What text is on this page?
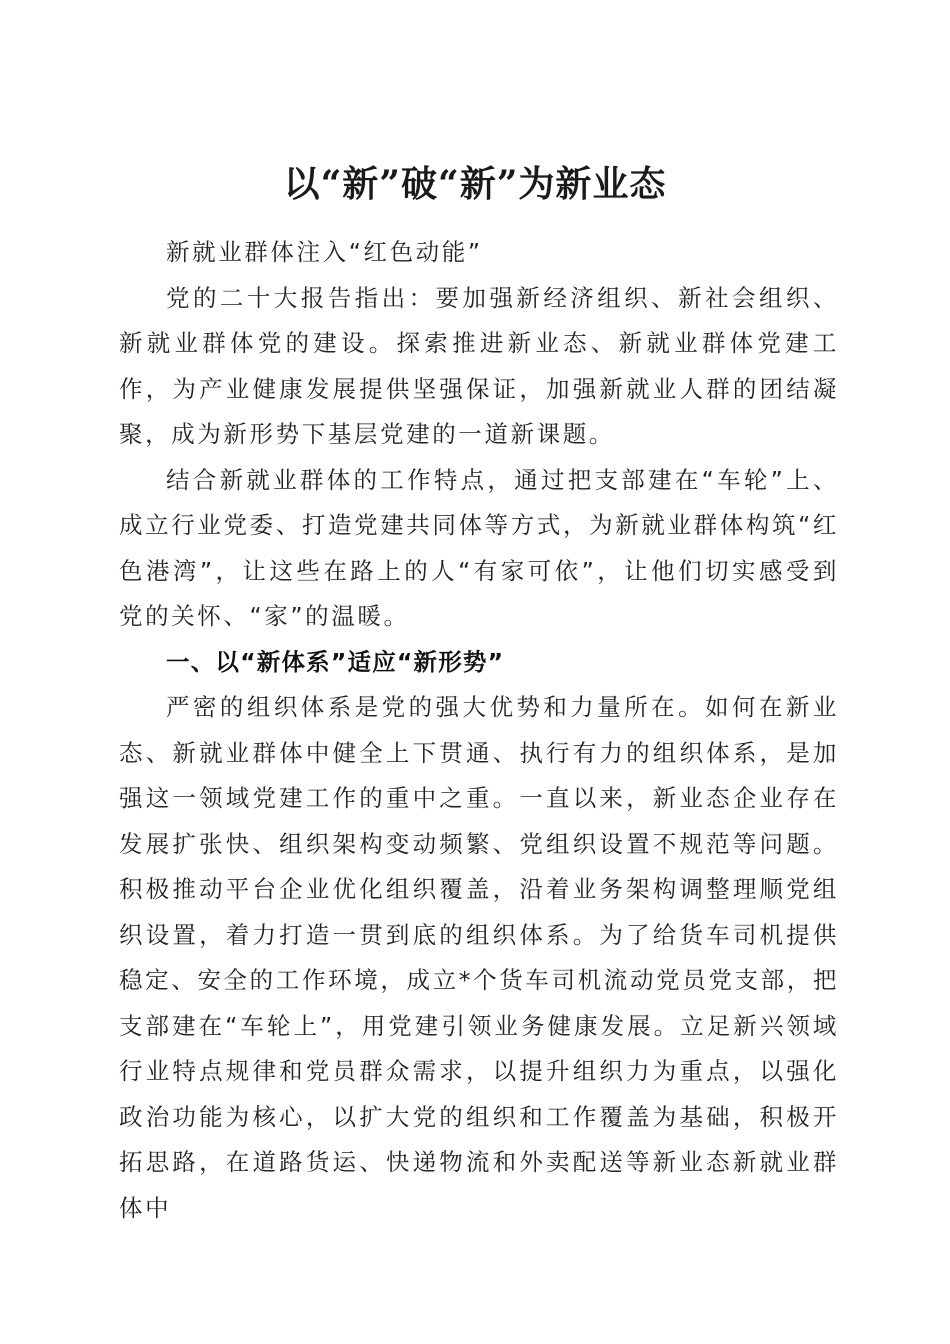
以“新”破“新”为新业态

新就业群体注入“红色动能”

党的二十大报告指出：要加强新经济组织、新社会组织、新就业群体党的建设。探索推进新业态、新就业群体党建工作，为产业健康发展提供坚强保证，加强新就业人群的团结凝聚，成为新形势下基层党建的一道新课题。

结合新就业群体的工作特点，通过把支部建在“车轮”上、成立行业党委、打造党建共同体等方式，为新就业群体构筑“红色港湾”，让这些在路上的人“有家可依”，让他们切实感受到党的关怀、“家”的温暖。

一、以“新体系”适应“新形势”

严密的组织体系是党的强大优势和力量所在。如何在新业态、新就业群体中健全上下贯通、执行有力的组织体系，是加强这一领域党建工作的重中之重。一直以来，新业态企业存在发展扩张快、组织架构变动频繁、党组织设置不规范等问题。积极推动平台企业优化组织覆盖，沿着业务架构调整理顺党组织设置，着力打造一贯到底的组织体系。为了给货车司机提供稳定、安全的工作环境，成立*个货车司机流动党员党支部，把支部建在“车轮上”，用党建引领业务健康发展。立足新兴领域行业特点规律和党员群众需求，以提升组织力为重点，以强化政治功能为核心，以扩大党的组织和工作覆盖为基础，积极开拓思路，在道路货运、快递物流和外卖配送等新业态新就业群体中
